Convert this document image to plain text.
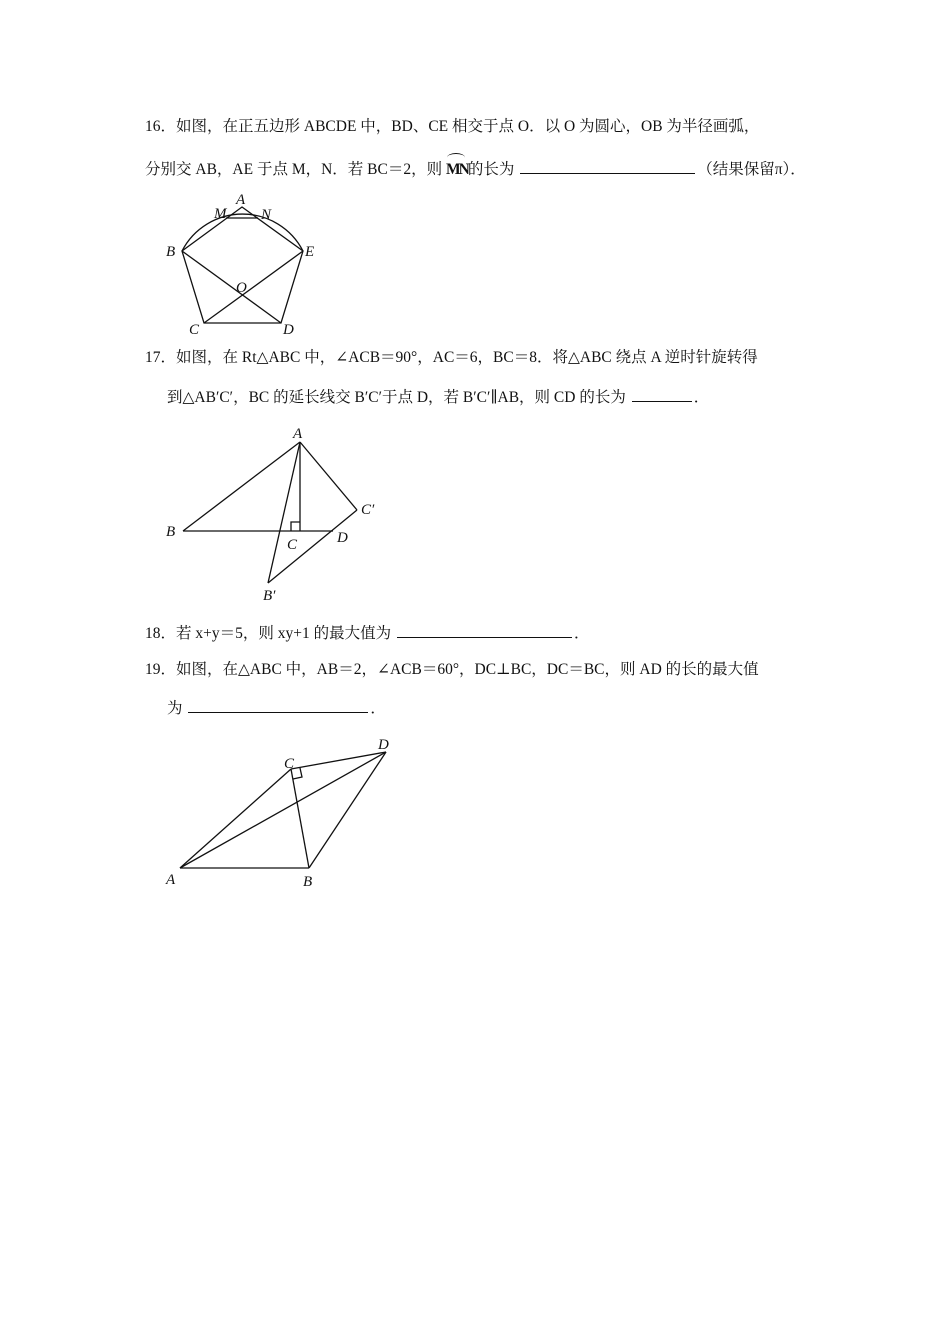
16．如图，在正五边形 ABCDE 中，BD、CE 相交于点 O．以 O 为圆心，OB 为半径画弧，
分别交 AB，AE 于点 M，N．若 BC＝2，则 MN的长为	（结果保留π）．
17．如图，在 Rt△ABC 中，∠ACB＝90°，AC＝6，BC＝8．将△ABC 绕点 A 逆时针旋转得
到△AB′C′，BC 的延长线交 B′C′于点 D，若 B′C′∥AB，则 CD 的长为	．
18．若 x+y＝5，则 xy+1 的最大值为	．
19．如图，在△ABC 中，AB＝2，∠ACB＝60°，DC⊥BC，DC＝BC，则 AD 的长的最大值
为	．
A
M N
B	E
O
C	D
A
B
C	D
C′
B′
A	B
C
D
